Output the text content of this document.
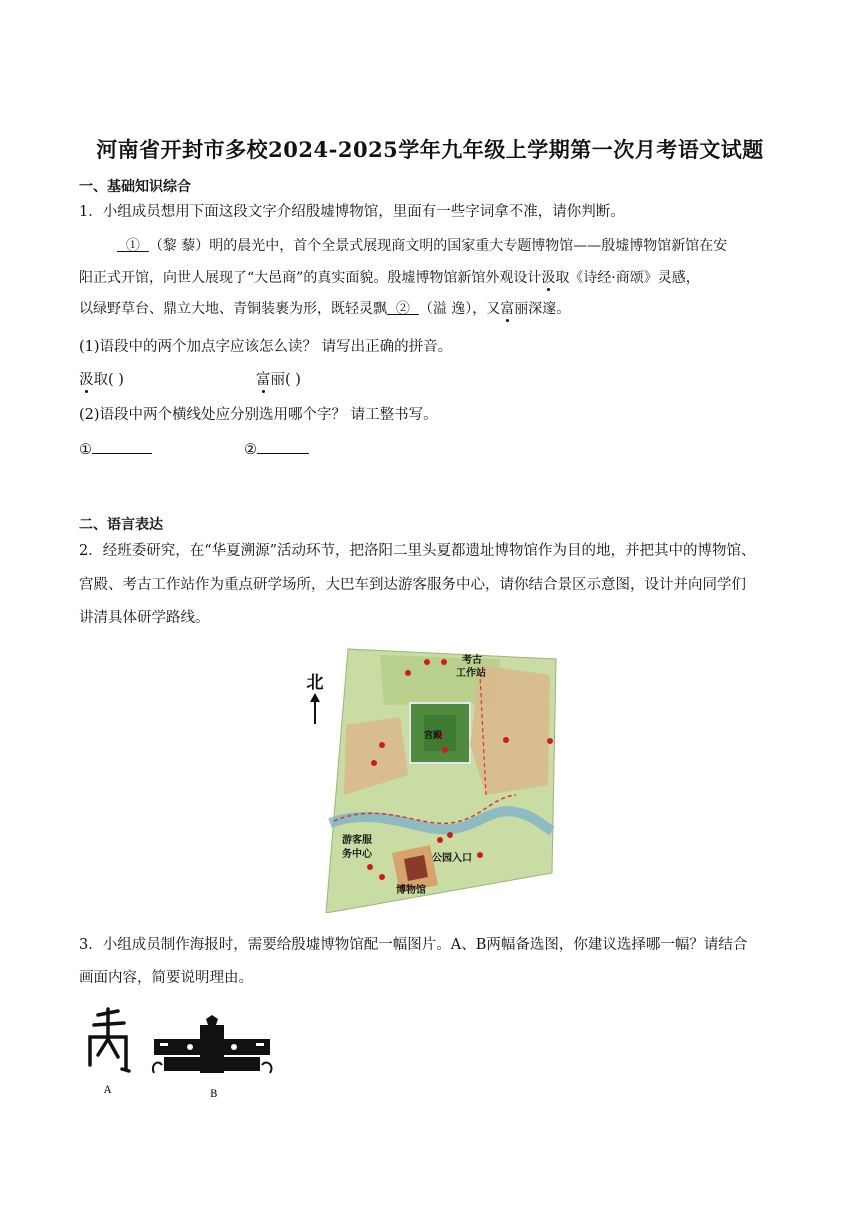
河南省开封市多校2024-2025学年九年级上学期第一次月考语文试题
一、基础知识综合
1．小组成员想用下面这段文字介绍殷墟博物馆，里面有一些字词拿不准，请你判断。
① （黎 藜）明的晨光中，首个全景式展现商文明的国家重大专题博物馆——殷墟博物馆新馆在安
阳正式开馆，向世人展现了“大邑商”的真实面貌。殷墟博物馆新馆外观设计汲取《诗经·商颂》灵感，
以绿野草台、鼎立大地、青铜装裹为形，既轻灵飘 ② （溢 逸），又富丽深邃。
(1)语段中的两个加点字应该怎么读？ 请写出正确的拼音。
汲取( )	富丽( )
(2)语段中两个横线处应分别选用哪个字？ 请工整书写。
①	②
二、语言表达
2．经班委研究，在“华夏溯源”活动环节，把洛阳二里头夏都遗址博物馆作为目的地，并把其中的博物馆、
宫殿、考古工作站作为重点研学场所，大巴车到达游客服务中心，请你结合景区示意图，设计并向同学们
讲清具体研学路线。
北
考古
工作站
宫殿
游客服
务中心	公园入口
博物馆
3．小组成员制作海报时，需要给殷墟博物馆配一幅图片。A、B两幅备选图，你建议选择哪一幅？请结合
画面内容，简要说明理由。
A	B
